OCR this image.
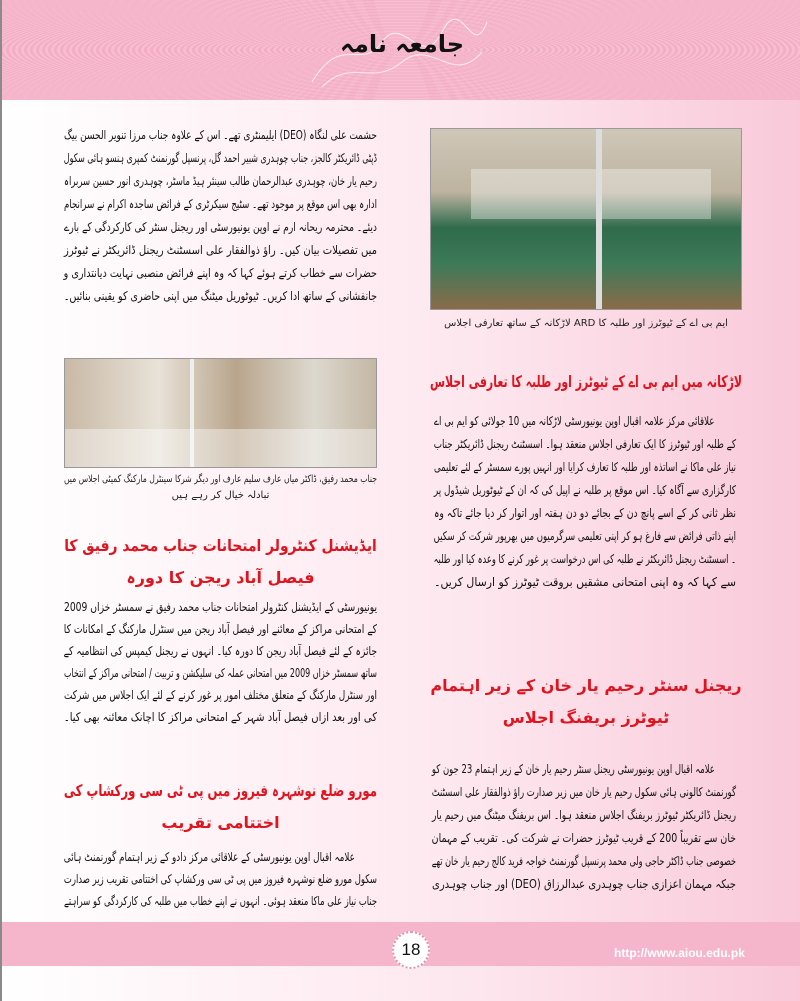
جامعہ نامہ
ایم بی اے کے ٹیوٹرز اور طلبہ کا ARD لاڑکانہ کے ساتھ تعارفی اجلاس
لاڑکانہ میں ایم بی اے کے ٹیوٹرز اور طلبہ کا تعارفی اجلاس
علاقائی مرکز علامہ اقبال اوپن یونیورسٹی لاڑکانہ میں 10 جولائی کو ایم بی اے
کے طلبہ اور ٹیوٹرز کا ایک تعارفی اجلاس منعقد ہوا۔ اسسٹنٹ ریجنل ڈائریکٹر جناب
نیاز علی ماکا نے اساتذہ اور طلبہ کا تعارف کرایا اور انہیں پورے سمسٹر کے لئے تعلیمی
کارگزاری سے آگاہ کیا۔ اس موقع پر طلبہ نے اپیل کی کہ ان کے ٹیوٹوریل شیڈول پر
نظر ثانی کر کے اسے پانچ دن کے بجائے دو دن ہفتہ اور اتوار کر دیا جائے تاکہ وہ
اپنے ذاتی فرائض سے فارغ ہو کر اپنی تعلیمی سرگرمیوں میں بھرپور شرکت کر سکیں
۔ اسسٹنٹ ریجنل ڈائریکٹر نے طلبہ کی اس درخواست پر غور کرنے کا وعدہ کیا اور طلبہ
سے کہا کہ وہ اپنی امتحانی مشقیں بروقت ٹیوٹرز کو ارسال کریں۔
ریجنل سنٹر رحیم یار خان کے زیر اہتمام
ٹیوٹرز بریفنگ اجلاس
علامہ اقبال اوپن یونیورسٹی ریجنل سنٹر رحیم یار خان کے زیر اہتمام 23 جون کو
گورنمنٹ کالونی ہائی سکول رحیم یار خان میں زیر صدارت راؤ ذوالفقار علی اسسٹنٹ
ریجنل ڈائریکٹر ٹیوٹرز بریفنگ اجلاس منعقد ہوا۔ اس بریفنگ میٹنگ میں رحیم یار
خان سے تقریباً 200 کے قریب ٹیوٹرز حضرات نے شرکت کی۔ تقریب کے مہمان
خصوصی جناب ڈاکٹر حاجی ولی محمد پرنسپل گورنمنٹ خواجہ فرید کالج رحیم یار خان تھے
جبکہ مہمان اعزازی جناب چوہدری عبدالرزاق (DEO) اور جناب چوہدری
حشمت علی لنگاہ (DEO) ایلیمنٹری تھے۔ اس کے علاوہ جناب مرزا تنویر الحسن بیگ
ڈپٹی ڈائریکٹر کالجز، جناب چوہدری شبیر احمد گل، پرنسپل گورنمنٹ کمپری ہنسو ہائی سکول
رحیم یار خان، چوہدری عبدالرحمان طالب سینئر ہیڈ ماسٹر، چوہدری انور حسین سربراہ
ادارہ بھی اس موقع پر موجود تھے۔ سٹیج سیکرٹری کے فرائض ساجدہ اکرام نے سرانجام
دیئے۔ محترمہ ریحانہ ارم نے اوپن یونیورسٹی اور ریجنل سنٹر کی کارکردگی کے بارے
میں تفصیلات بیان کیں۔ راؤ ذوالفقار علی اسسٹنٹ ریجنل ڈائریکٹر نے ٹیوٹرز
حضرات سے خطاب کرتے ہوئے کہا کہ وہ اپنے فرائض منصبی نہایت دیانتداری و
جانفشانی کے ساتھ ادا کریں۔ ٹیوٹوریل میٹنگ میں اپنی حاضری کو یقینی بنائیں۔
جناب محمد رفیق، ڈاکٹر میاں عارف سلیم عارف اور دیگر شرکا سینٹرل مارکنگ کمیٹی اجلاس میں
تبادلہ خیال کر رہے ہیں
ایڈیشنل کنٹرولر امتحانات جناب محمد رفیق کا
فیصل آباد ریجن کا دورہ
یونیورسٹی کے ایڈیشنل کنٹرولر امتحانات جناب محمد رفیق نے سمسٹر خزاں 2009
کے امتحانی مراکز کے معائنے اور فیصل آباد ریجن میں سنٹرل مارکنگ کے امکانات کا
جائزہ کے لئے فیصل آباد ریجن کا دورہ کیا۔ انہوں نے ریجنل کیمپس کی انتظامیہ کے
ساتھ سمسٹر خزاں 2009 میں امتحانی عملہ کی سلیکشن و تربیت / امتحانی مراکز کے انتخاب
اور سنٹرل مارکنگ کے متعلق مختلف امور پر غور کرنے کے لئے ایک اجلاس میں شرکت
کی اور بعد ازاں فیصل آباد شہر کے امتحانی مراکز کا اچانک معائنہ بھی کیا۔
مورو ضلع نوشہرہ فیروز میں پی ٹی سی ورکشاپ کی
اختتامی تقریب
علامہ اقبال اوپن یونیورسٹی کے علاقائی مرکز دادو کے زیر اہتمام گورنمنٹ ہائی
سکول مورو ضلع نوشہرہ فیروز میں پی ٹی سی ورکشاپ کی اختتامی تقریب زیر صدارت
جناب نیاز علی ماکا منعقد ہوئی۔ انہوں نے اپنے خطاب میں طلبہ کی کارکردگی کو سراہتے
18	http://www.aiou.edu.pk
